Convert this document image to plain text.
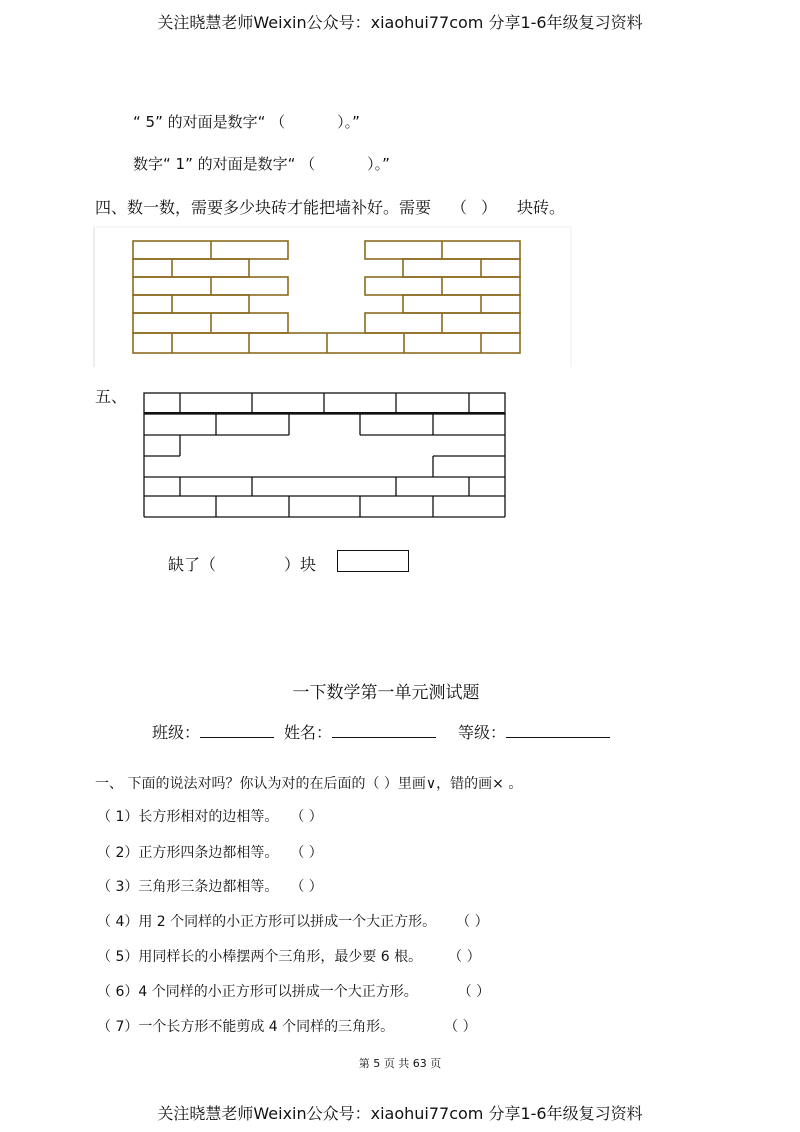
关注晓慧老师Weixin公众号：xiaohui77com 分享1-6年级复习资料
“ 5” 的对面是数字“ （	）。”
数字“ 1” 的对面是数字“ （	）。”
四、数一数，需要多少块砖才能把墙补好。需要 （ ） 块砖。
五、
缺了（	）块
一下数学第一单元测试题
班级：	姓名：	等级：
一、 下面的说法对吗？你认为对的在后面的（ ）里画∨，错的画× 。
（ 1）长方形相对的边相等。 （ ）
（ 2）正方形四条边都相等。 （ ）
（ 3）三角形三条边都相等。 （ ）
（ 4）用 2 个同样的小正方形可以拼成一个大正方形。 （ ）
（ 5）用同样长的小棒摆两个三角形，最少要 6 根。 （ ）
（ 6）4 个同样的小正方形可以拼成一个大正方形。	（ ）
（ 7）一个长方形不能剪成 4 个同样的三角形。	（ ）
第 5 页 共 63 页
关注晓慧老师Weixin公众号：xiaohui77com 分享1-6年级复习资料
